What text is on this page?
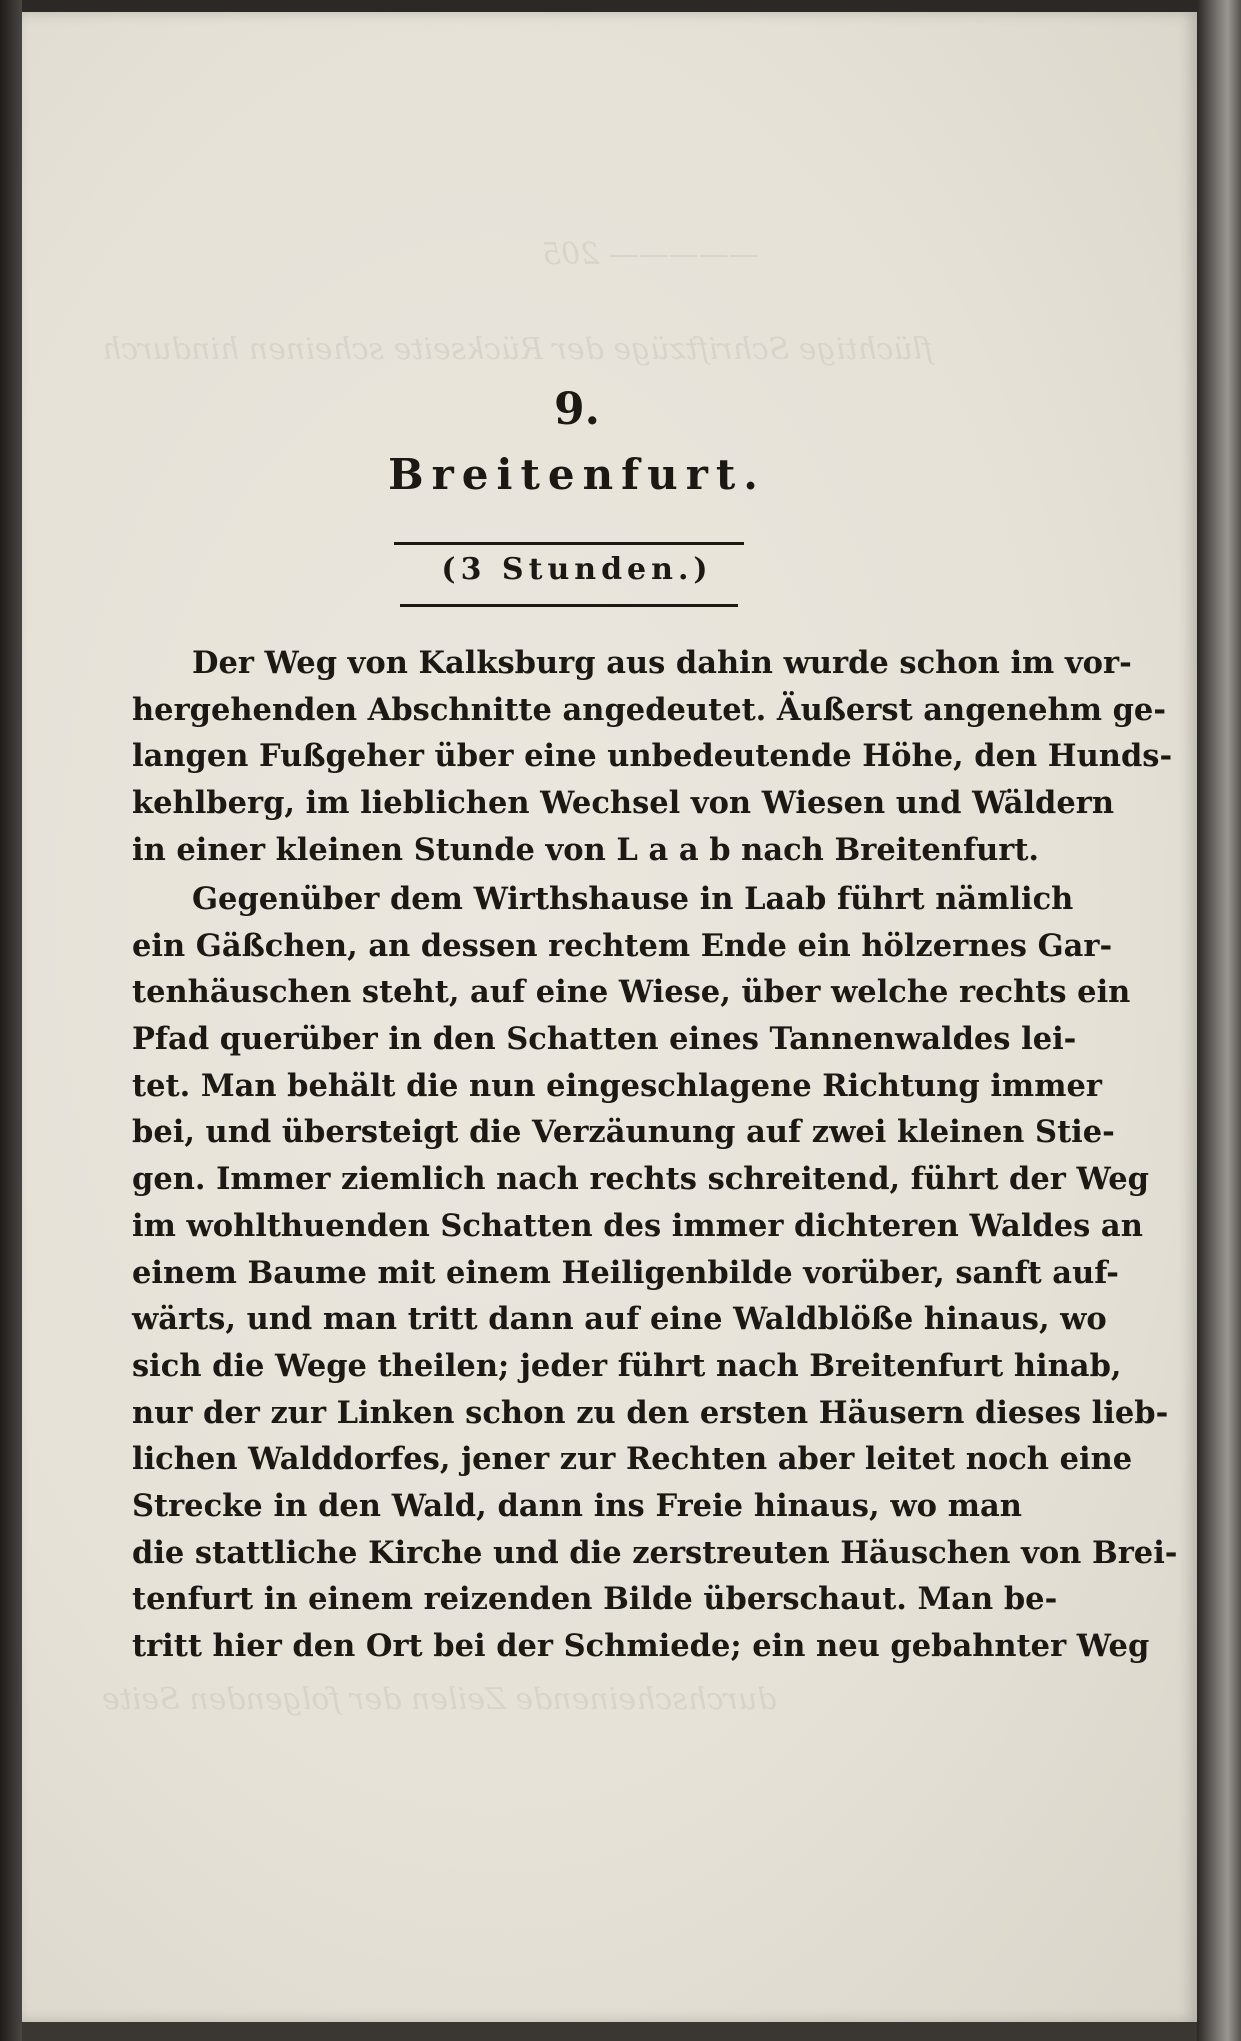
————— 205
flüchtige Schriftzüge der Rückseite scheinen hindurch
durchscheinende Zeilen der folgenden Seite
9.
Breitenfurt.
(3 Stunden.)
Der Weg von Kalksburg aus dahin wurde schon im vor-
hergehenden Abschnitte angedeutet. Äußerst angenehm ge-
langen Fußgeher über eine unbedeutende Höhe, den Hunds-
kehlberg, im lieblichen Wechsel von Wiesen und Wäldern
in einer kleinen Stunde von L a a b nach Breitenfurt.
Gegenüber dem Wirthshause in Laab führt nämlich
ein Gäßchen, an dessen rechtem Ende ein hölzernes Gar-
tenhäuschen steht, auf eine Wiese, über welche rechts ein
Pfad querüber in den Schatten eines Tannenwaldes lei-
tet. Man behält die nun eingeschlagene Richtung immer
bei, und übersteigt die Verzäunung auf zwei kleinen Stie-
gen. Immer ziemlich nach rechts schreitend, führt der Weg
im wohlthuenden Schatten des immer dichteren Waldes an
einem Baume mit einem Heiligenbilde vorüber, sanft auf-
wärts, und man tritt dann auf eine Waldblöße hinaus, wo
sich die Wege theilen; jeder führt nach Breitenfurt hinab,
nur der zur Linken schon zu den ersten Häusern dieses lieb-
lichen Walddorfes, jener zur Rechten aber leitet noch eine
Strecke in den Wald, dann ins Freie hinaus, wo man
die stattliche Kirche und die zerstreuten Häuschen von Brei-
tenfurt in einem reizenden Bilde überschaut. Man be-
tritt hier den Ort bei der Schmiede; ein neu gebahnter Weg
